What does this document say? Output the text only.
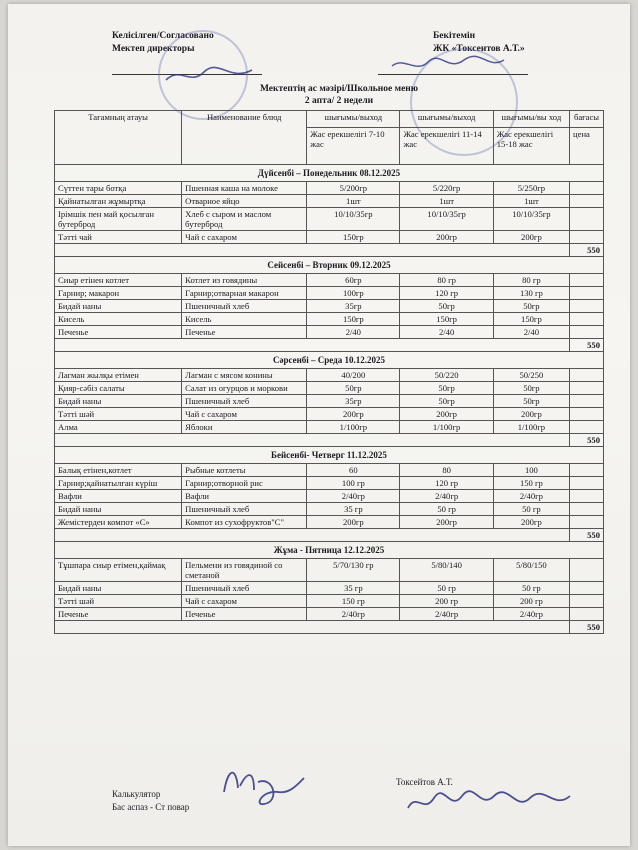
Келісілген/Согласовано
Мектеп директоры
Бекітемін
ЖК «Токсеитов А.Т.»
Мектептің ас мәзірі/Школьное меню
2 апта/ 2 недели
Тағамның атауы	Наименование блюд	шығымы/выход	шығымы/выход	шығымы/вы ход	бағасы
		Жас ерекшелігі 7-10 жас	Жас ерекшелігі 11-14 жас	Жас ерекшелігі 15-18 жас	цена
Дүйсенбі – Понедельник 08.12.2025					
Сүттен тары ботқа	Пшенная каша на молоке	5/200гр	5/220гр	5/250гр	
Қайнатылған жұмыртқа	Отварное яйцо	1шт	1шт	1шт	
Ірімшік пен май қосылған бутерброд	Хлеб с сыром и маслом бутерброд	10/10/35гр	10/10/35гр	10/10/35гр	
Тәтті чай	Чай с сахаром	150гр	200гр	200гр	
					550
Сейсенбі – Вторник 09.12.2025					
Сиыр етінен котлет	Котлет из говядины	60гр	80 гр	80 гр	
Гарнир; макарон	Гарнир;отварная макарон	100гр	120 гр	130 гр	
Бидай наны	Пшеничный хлеб	35гр	50гр	50гр	
Кисель	Кисель	150гр	150гр	150гр	
Печенье	Печенье	2/40	2/40	2/40	
					550
Сәрсенбі – Среда 10.12.2025					
Лагман жылқы етімен	Лагман с мясом конины	40/200	50/220	50/250	
Қияр-сәбіз салаты	Салат из огурцов и моркови	50гр	50гр	50гр	
Бидай наны	Пшеничный хлеб	35гр	50гр	50гр	
Тәтті шәй	Чай с сахаром	200гр	200гр	200гр	
Алма	Яблоки	1/100гр	1/100гр	1/100гр	
					550
Бейсенбі- Четверг 11.12.2025					
Балық етінен,котлет	Рыбные котлеты	60	80	100	
Гарнир;қайнатылған күріш	Гарнир;отворной рис	100 гр	120 гр	150 гр	
Вафли	Вафли	2/40гр	2/40гр	2/40гр	
Бидай наны	Пшеничный хлеб	35 гр	50 гр	50 гр	
Жемістерден компот «С»	Компот из сухофруктов"С"	200гр	200гр	200гр	
					550
Жұма - Пятница 12.12.2025					
Тұшпара сиыр етімен,қаймақ	Пельмени из говядиной со сметаной	5/70/130 гр	5/80/140	5/80/150	
Бидай наны	Пшеничный хлеб	35 гр	50 гр	50 гр	
Тәтті шәй	Чай с сахаром	150 гр	200 гр	200 гр	
Печенье	Печенье	2/40гр	2/40гр	2/40гр	
					550
Калькулятор
Бас аспаз - Ст повар
Токсейтов А.Т.
